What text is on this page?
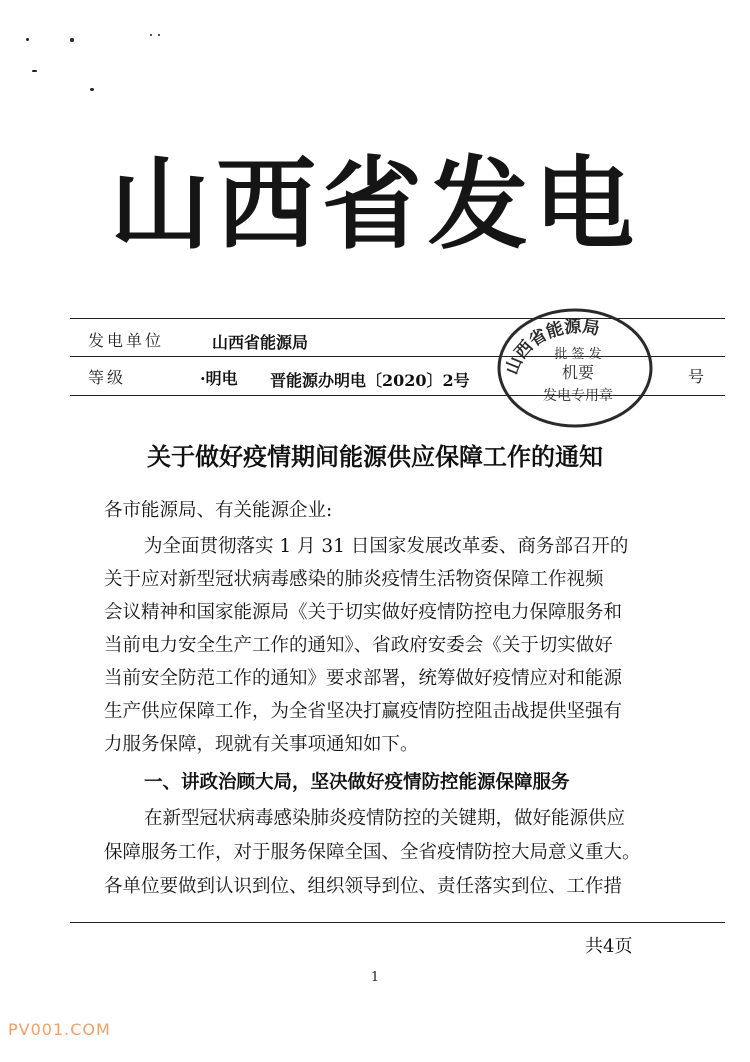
山西省发电
发电单位	山西省能源局
等级	·明电 晋能源办明电〔2020〕2号	号
山西省能源局
批 签 发
机要
发电专用章
关于做好疫情期间能源供应保障工作的通知
各市能源局、有关能源企业:
为全面贯彻落实 1 月 31 日国家发展改革委、商务部召开的
关于应对新型冠状病毒感染的肺炎疫情生活物资保障工作视频
会议精神和国家能源局《关于切实做好疫情防控电力保障服务和
当前电力安全生产工作的通知》、省政府安委会《关于切实做好
当前安全防范工作的通知》要求部署，统筹做好疫情应对和能源
生产供应保障工作，为全省坚决打赢疫情防控阻击战提供坚强有
力服务保障，现就有关事项通知如下。
一、讲政治顾大局，坚决做好疫情防控能源保障服务
在新型冠状病毒感染肺炎疫情防控的关键期，做好能源供应
保障服务工作，对于服务保障全国、全省疫情防控大局意义重大。
各单位要做到认识到位、组织领导到位、责任落实到位、工作措
共4页
1
PV001.COM
